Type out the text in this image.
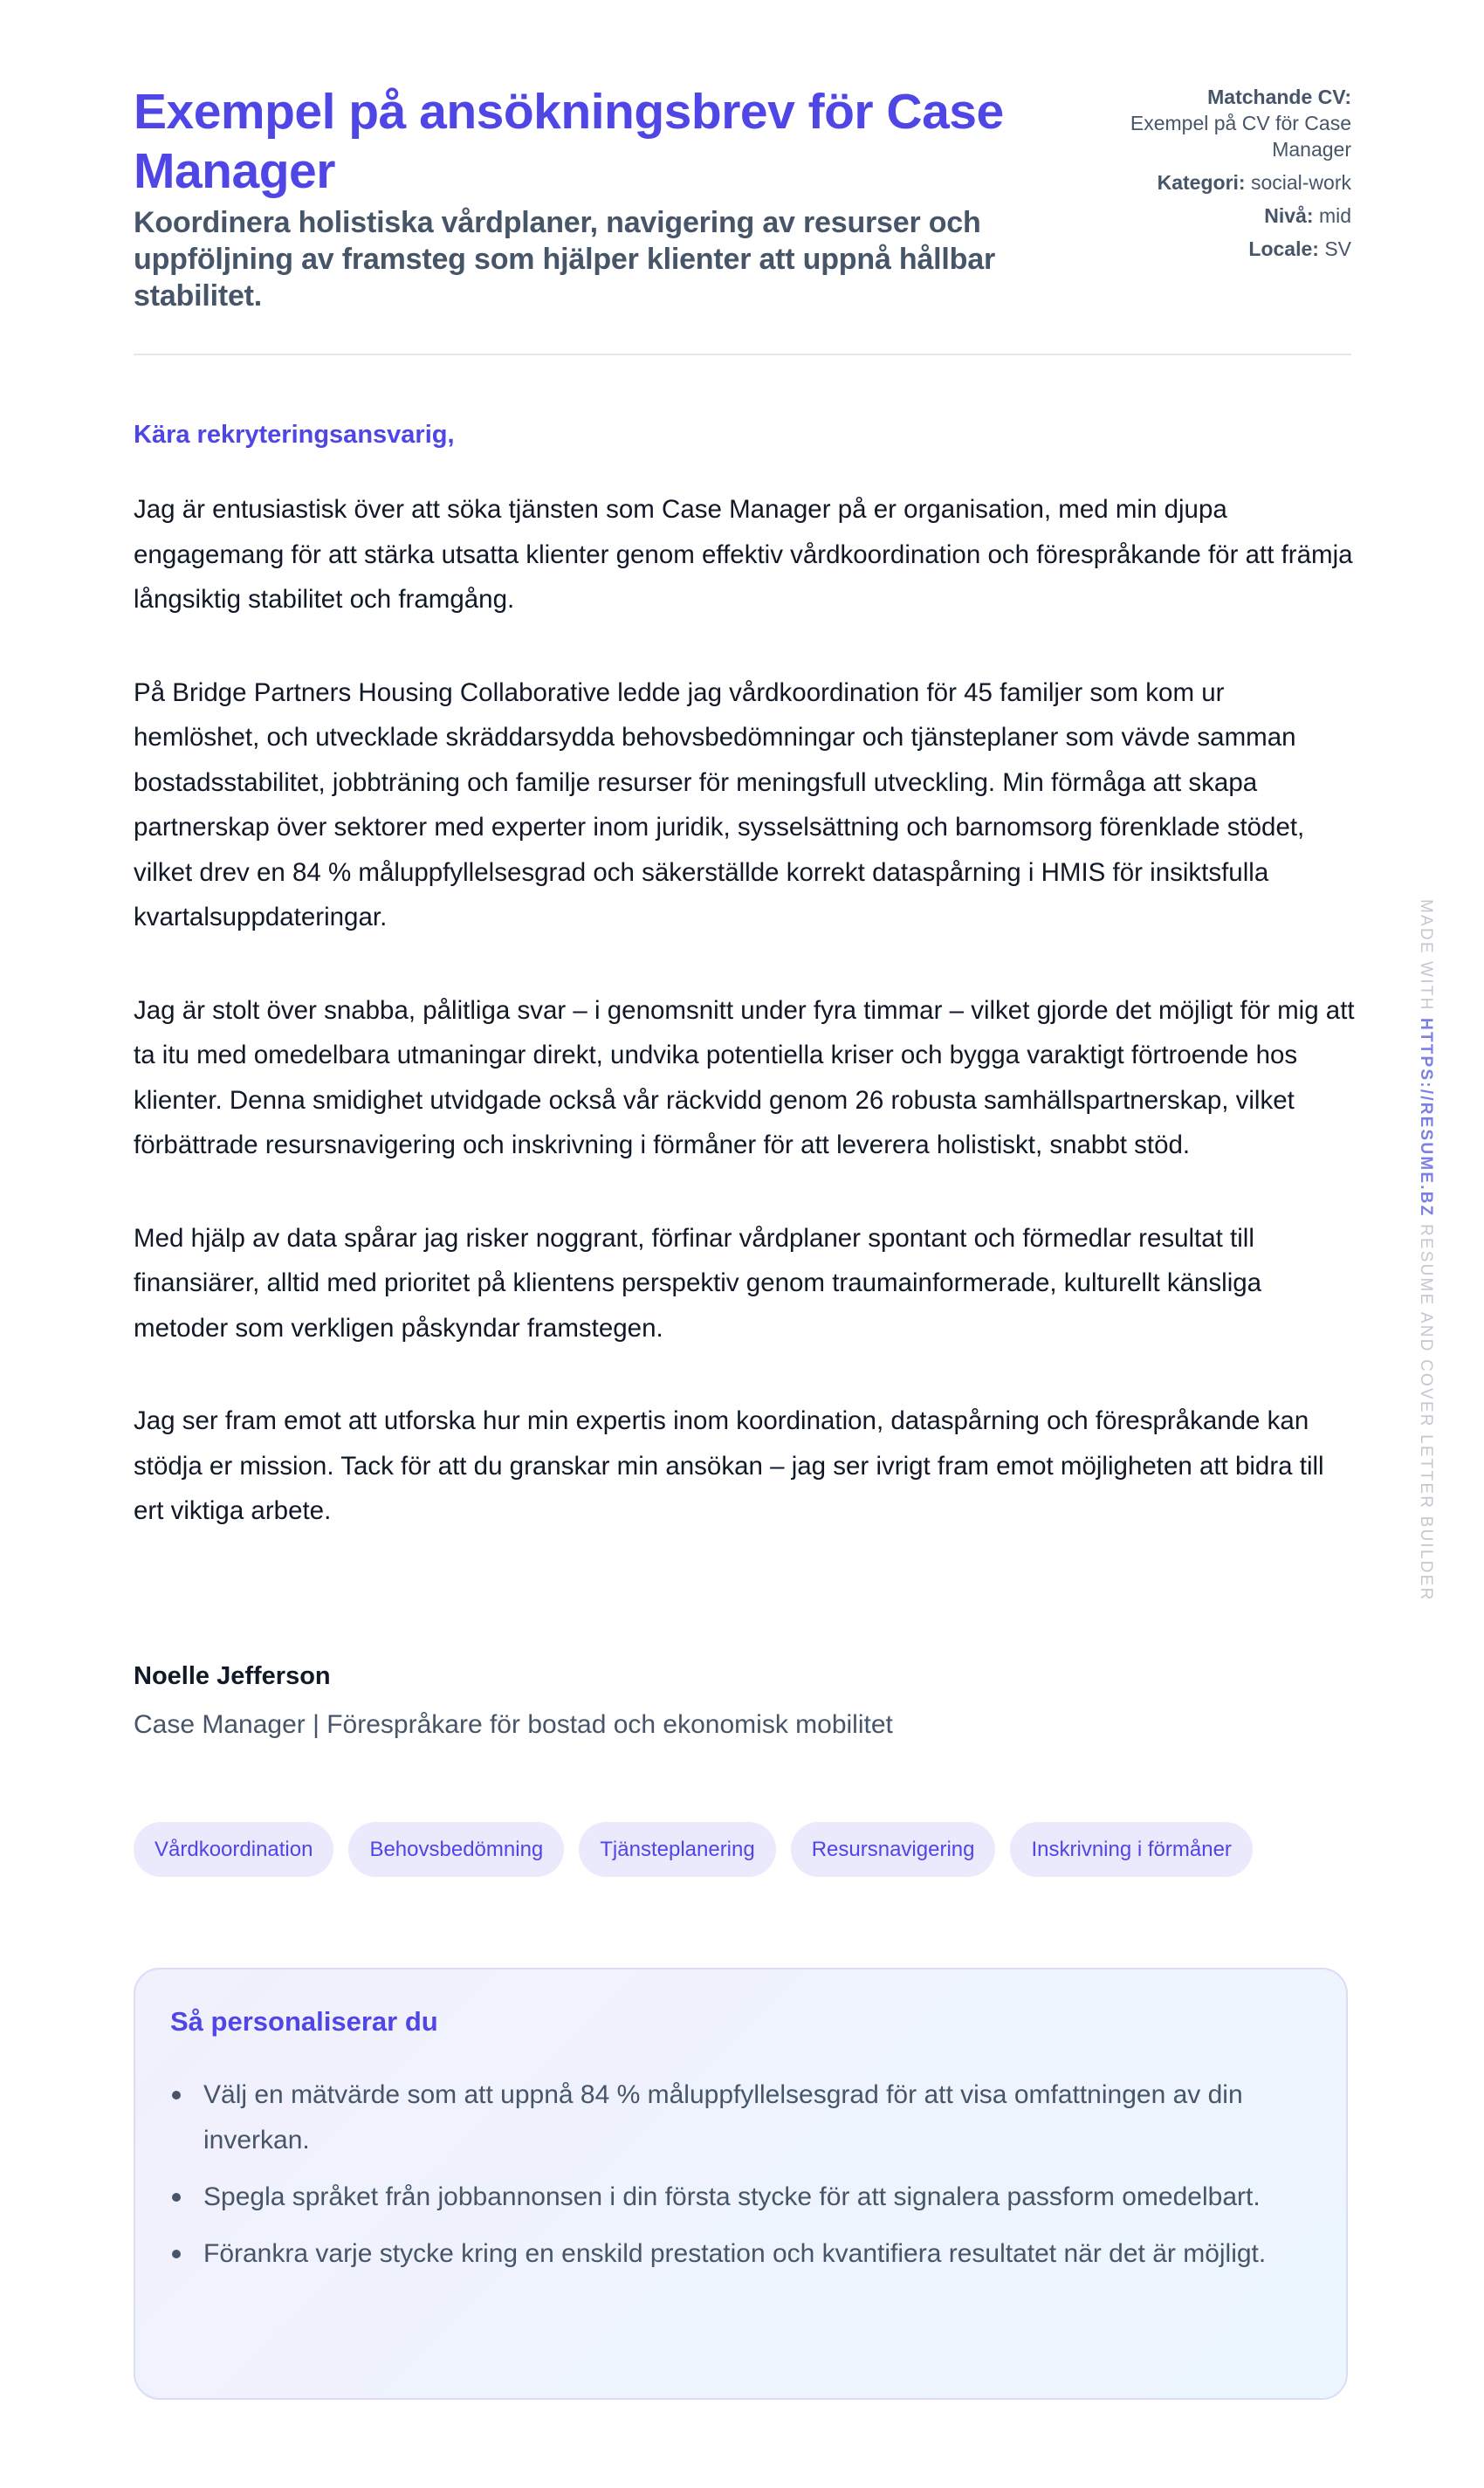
Exempel på ansökningsbrev för Case Manager
Koordinera holistiska vårdplaner, navigering av resurser och uppföljning av framsteg som hjälper klienter att uppnå hållbar stabilitet.
Matchande CV:
Exempel på CV för Case Manager
Kategori: social-work
Nivå: mid
Locale: SV
Kära rekryteringsansvarig,

Jag är entusiastisk över att söka tjänsten som Case Manager på er organisation, med min djupa engagemang för att stärka utsatta klienter genom effektiv vårdkoordination och förespråkande för att främja långsiktig stabilitet och framgång.

På Bridge Partners Housing Collaborative ledde jag vårdkoordination för 45 familjer som kom ur hemlöshet, och utvecklade skräddarsydda behovsbedömningar och tjänsteplaner som vävde samman bostadsstabilitet, jobbträning och familje resurser för meningsfull utveckling. Min förmåga att skapa partnerskap över sektorer med experter inom juridik, sysselsättning och barnomsorg förenklade stödet, vilket drev en 84 % måluppfyllelsesgrad och säkerställde korrekt dataspårning i HMIS för insiktsfulla kvartalsuppdateringar.

Jag är stolt över snabba, pålitliga svar – i genomsnitt under fyra timmar – vilket gjorde det möjligt för mig att ta itu med omedelbara utmaningar direkt, undvika potentiella kriser och bygga varaktigt förtroende hos klienter. Denna smidighet utvidgade också vår räckvidd genom 26 robusta samhällspartnerskap, vilket förbättrade resursnavigering och inskrivning i förmåner för att leverera holistiskt, snabbt stöd.

Med hjälp av data spårar jag risker noggrant, förfinar vårdplaner spontant och förmedlar resultat till finansiärer, alltid med prioritet på klientens perspektiv genom traumainformerade, kulturellt känsliga metoder som verkligen påskyndar framstegen.

Jag ser fram emot att utforska hur min expertis inom koordination, dataspårning och förespråkande kan stödja er mission. Tack för att du granskar min ansökan – jag ser ivrigt fram emot möjligheten att bidra till ert viktiga arbete.

Noelle Jefferson
Case Manager | Förespråkare för bostad och ekonomisk mobilitet
Vårdkoordination	Behovsbedömning	Tjänsteplanering	Resursnavigering	Inskrivning i förmåner
Så personaliserar du
Välj en mätvärde som att uppnå 84 % måluppfyllelsesgrad för att visa omfattningen av din inverkan.
Spegla språket från jobbannonsen i din första stycke för att signalera passform omedelbart.
Förankra varje stycke kring en enskild prestation och kvantifiera resultatet när det är möjligt.
MADE WITH HTTPS://RESUME.BZ RESUME AND COVER LETTER BUILDER
